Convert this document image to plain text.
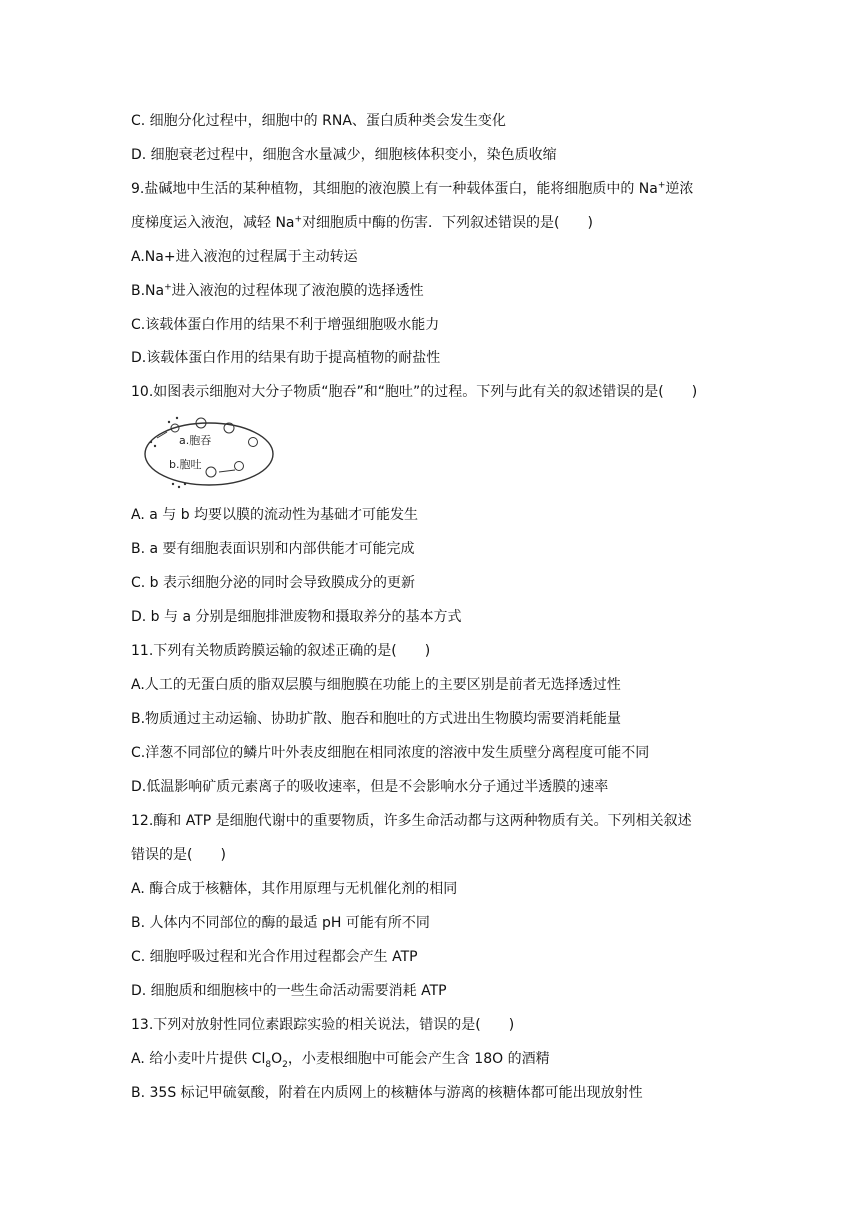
C. 细胞分化过程中，细胞中的 RNA、蛋白质种类会发生变化
D. 细胞衰老过程中，细胞含水量减少，细胞核体积变小，染色质收缩
9.盐碱地中生活的某种植物，其细胞的液泡膜上有一种载体蛋白，能将细胞质中的 Na+逆浓
度梯度运入液泡，减轻 Na+对细胞质中酶的伤害．下列叙述错误的是(　　)
A.Na+进入液泡的过程属于主动转运
B.Na+进入液泡的过程体现了液泡膜的选择透性
C.该载体蛋白作用的结果不利于增强细胞吸水能力
D.该载体蛋白作用的结果有助于提高植物的耐盐性
10.如图表示细胞对大分子物质“胞吞”和“胞吐”的过程。下列与此有关的叙述错误的是(　　)
a.胞吞
b.胞吐
A. a 与 b 均要以膜的流动性为基础才可能发生
B. a 要有细胞表面识别和内部供能才可能完成
C. b 表示细胞分泌的同时会导致膜成分的更新
D. b 与 a 分别是细胞排泄废物和摄取养分的基本方式
11.下列有关物质跨膜运输的叙述正确的是(　　)
A.人工的无蛋白质的脂双层膜与细胞膜在功能上的主要区别是前者无选择透过性
B.物质通过主动运输、协助扩散、胞吞和胞吐的方式进出生物膜均需要消耗能量
C.洋葱不同部位的鳞片叶外表皮细胞在相同浓度的溶液中发生质壁分离程度可能不同
D.低温影响矿质元素离子的吸收速率，但是不会影响水分子通过半透膜的速率
12.酶和 ATP 是细胞代谢中的重要物质，许多生命活动都与这两种物质有关。下列相关叙述
错误的是(　　)
A. 酶合成于核糖体，其作用原理与无机催化剂的相同
B. 人体内不同部位的酶的最适 pH 可能有所不同
C. 细胞呼吸过程和光合作用过程都会产生 ATP
D. 细胞质和细胞核中的一些生命活动需要消耗 ATP
13.下列对放射性同位素跟踪实验的相关说法，错误的是(　　)
A. 给小麦叶片提供 $Cl_8O_2$，小麦根细胞中可能会产生含 18O 的酒精
B. 35S 标记甲硫氨酸，附着在内质网上的核糖体与游离的核糖体都可能出现放射性
